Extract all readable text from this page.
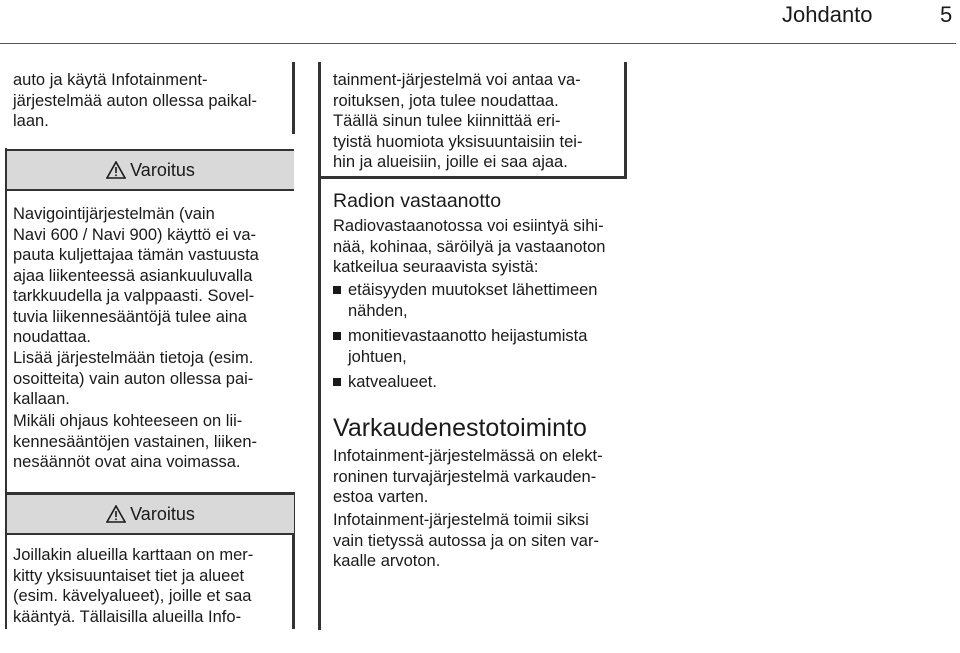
Johdanto	5

auto ja käytä Infotainment-
järjestelmää auton ollessa paikal-
laan.

Varoitus

Navigointijärjestelmän (vain
Navi 600 / Navi 900) käyttö ei va-
pauta kuljettajaa tämän vastuusta
ajaa liikenteessä asiankuuluvalla
tarkkuudella ja valppaasti. Sovel-
tuvia liikennesääntöjä tulee aina
noudattaa.

Lisää järjestelmään tietoja (esim.
osoitteita) vain auton ollessa pai-
kallaan.

Mikäli ohjaus kohteeseen on lii-
kennesääntöjen vastainen, liiken-
nesäännöt ovat aina voimassa.

Varoitus

Joillakin alueilla karttaan on mer-
kitty yksisuuntaiset tiet ja alueet
(esim. kävelyalueet), joille et saa
kääntyä. Tällaisilla alueilla Info-

tainment-järjestelmä voi antaa va-
roituksen, jota tulee noudattaa.
Täällä sinun tulee kiinnittää eri-
tyistä huomiota yksisuuntaisiin tei-
hin ja alueisiin, joille ei saa ajaa.

Radion vastaanotto

Radiovastaanotossa voi esiintyä sihi-
nää, kohinaa, säröilyä ja vastaanoton
katkeilua seuraavista syistä:

etäisyyden muutokset lähettimeen
nähden,
monitievastaanotto heijastumista
johtuen,
katvealueet.
Varkaudenestotoiminto

Infotainment-järjestelmässä on elekt-
roninen turvajärjestelmä varkauden-
estoa varten.

Infotainment-järjestelmä toimii siksi
vain tietyssä autossa ja on siten var-
kaalle arvoton.
